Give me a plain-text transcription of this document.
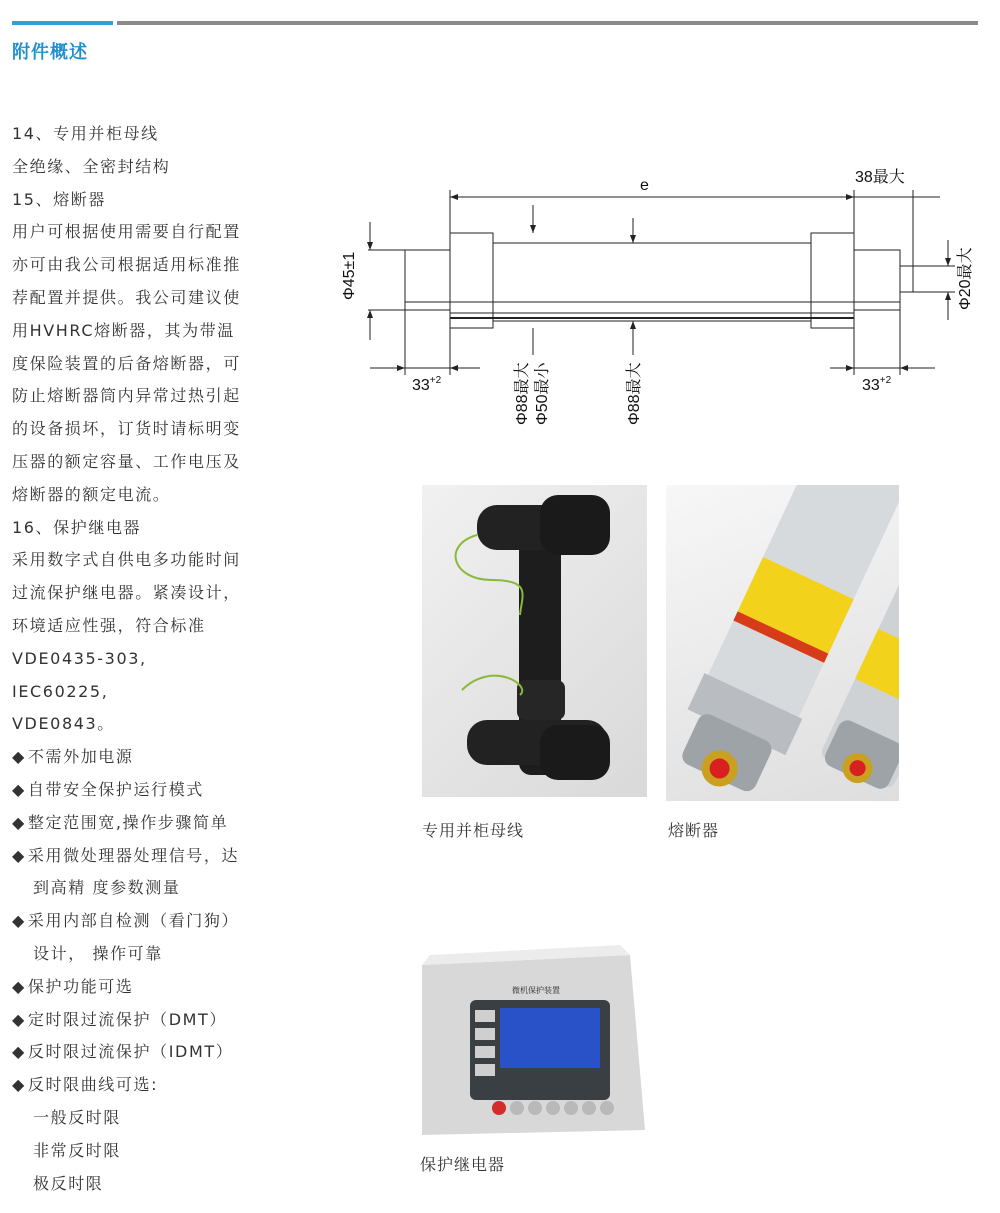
附件概述
14、专用并柜母线
全绝缘、全密封结构
15、熔断器
用户可根据使用需要自行配置
亦可由我公司根据适用标准推
荐配置并提供。我公司建议使
用HVHRC熔断器，其为带温
度保险装置的后备熔断器，可
防止熔断器筒内异常过热引起
的设备损坏，订货时请标明变
压器的额定容量、工作电压及
熔断器的额定电流。
16、保护继电器
采用数字式自供电多功能时间
过流保护继电器。紧凑设计，
环境适应性强，符合标准
VDE0435-303,
IEC60225,
VDE0843。
◆ 不需外加电源
◆ 自带安全保护运行模式
◆ 整定范围宽,操作步骤简单
◆ 采用微处理器处理信号，达
到高精 度参数测量
◆ 采用内部自检测（看门狗）
设计， 操作可靠
◆ 保护功能可选
◆ 定时限过流保护（DMT）
◆ 反时限过流保护（IDMT）
◆ 反时限曲线可选:
一般反时限
非常反时限
极反时限
e	38最大
Φ45±1	Φ20最大
$33^{+2}$	$33^{+2}$
Φ88最大 Φ50最小	Φ88最大
专用并柜母线	熔断器
微机保护装置
保护继电器
